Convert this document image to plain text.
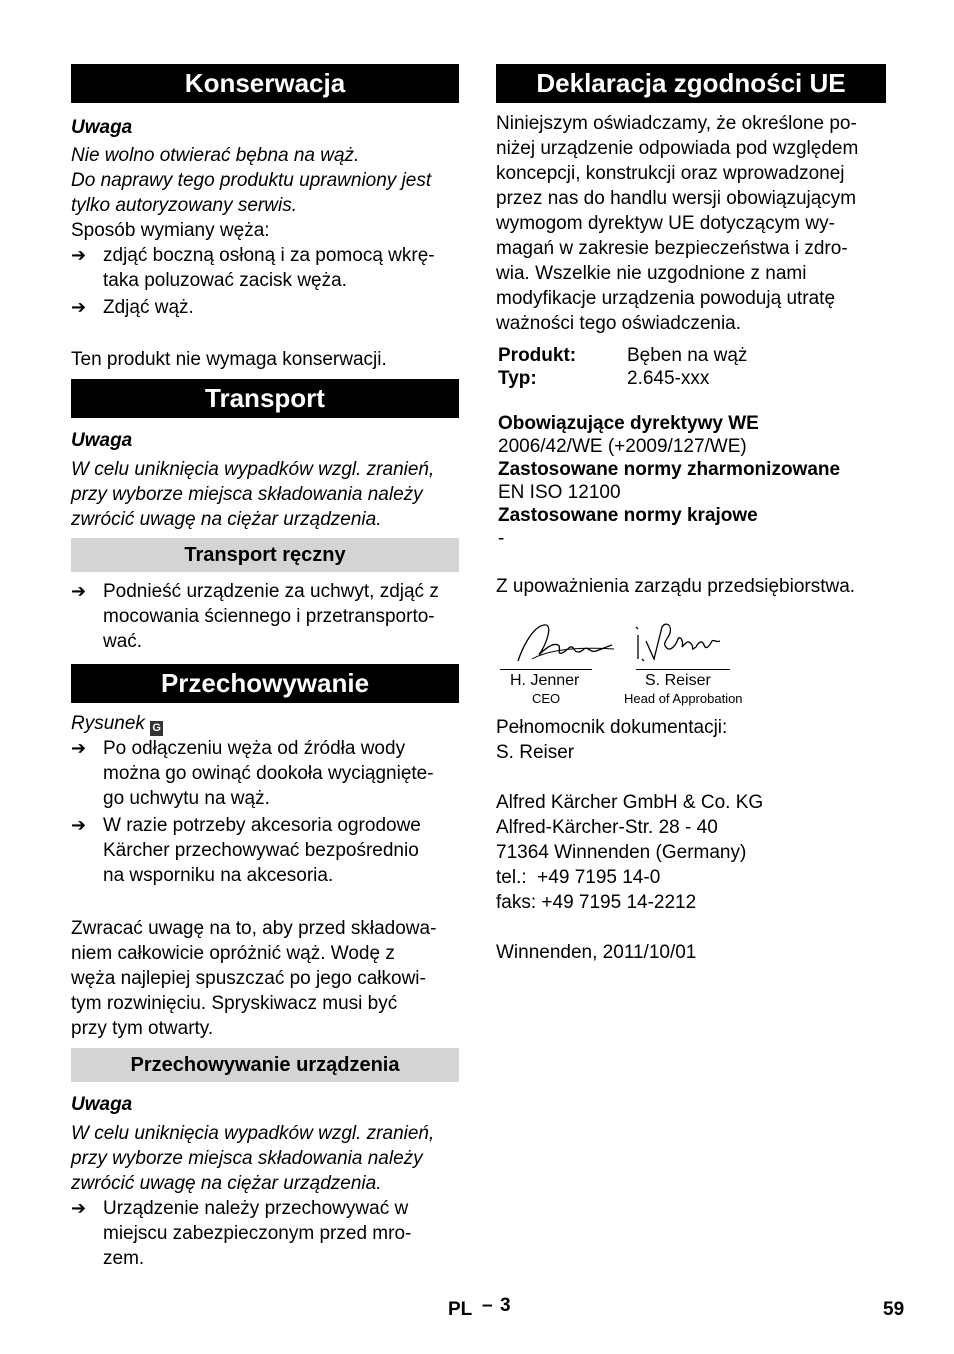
Konserwacja

Uwaga

Nie wolno otwierać bębna na wąż.

Do naprawy tego produktu uprawniony jest

tylko autoryzowany serwis.

Sposób wymiany węża:

➔ zdjąć boczną osłoną i za pomocą wkrę-

taka poluzować zacisk węża.

➔ Zdjąć wąż.

Ten produkt nie wymaga konserwacji.

Transport

Uwaga

W celu uniknięcia wypadków wzgl. zranień,

przy wyborze miejsca składowania należy

zwrócić uwagę na ciężar urządzenia.

Transport ręczny
➔ Podnieść urządzenie za uchwyt, zdjąć z

mocowania ściennego i przetransporto-

wać.

Przechowywanie

Rysunek G

➔ Po odłączeniu węża od źródła wody

można go owinąć dookoła wyciągnięte-

go uchwytu na wąż.

➔ W razie potrzeby akcesoria ogrodowe

Kärcher przechowywać bezpośrednio

na wsporniku na akcesoria.

Zwracać uwagę na to, aby przed składowa-

niem całkowicie opróżnić wąż. Wodę z

węża najlepiej spuszczać po jego całkowi-

tym rozwinięciu. Spryskiwacz musi być

przy tym otwarty.

Przechowywanie urządzenia

Uwaga

W celu uniknięcia wypadków wzgl. zranień,

przy wyborze miejsca składowania należy

zwrócić uwagę na ciężar urządzenia.

➔ Urządzenie należy przechowywać w

miejscu zabezpieczonym przed mro-

zem.

Deklaracja zgodności UE

Niniejszym oświadczamy, że określone po-

niżej urządzenie odpowiada pod względem

koncepcji, konstrukcji oraz wprowadzonej

przez nas do handlu wersji obowiązującym

wymogom dyrektyw UE dotyczącym wy-

magań w zakresie bezpieczeństwa i zdro-

wia. Wszelkie nie uzgodnione z nami

modyfikacje urządzenia powodują utratę

ważności tego oświadczenia.

Produkt:	Bęben na wąż
Typ:	2.645-xxx

Obowiązujące dyrektywy WE

2006/42/WE (+2009/127/WE)

Zastosowane normy zharmonizowane

EN ISO 12100

Zastosowane normy krajowe

-

Z upoważnienia zarządu przedsiębiorstwa.

H. Jenner
CEO
S. Reiser
Head of Approbation

Pełnomocnik dokumentacji:

S. Reiser

Alfred Kärcher GmbH & Co. KG

Alfred-Kärcher-Str. 28 - 40

71364 Winnenden (Germany)

tel.:  +49 7195 14-0

faks: +49 7195 14-2212

Winnenden, 2011/10/01

PL – 3	59
